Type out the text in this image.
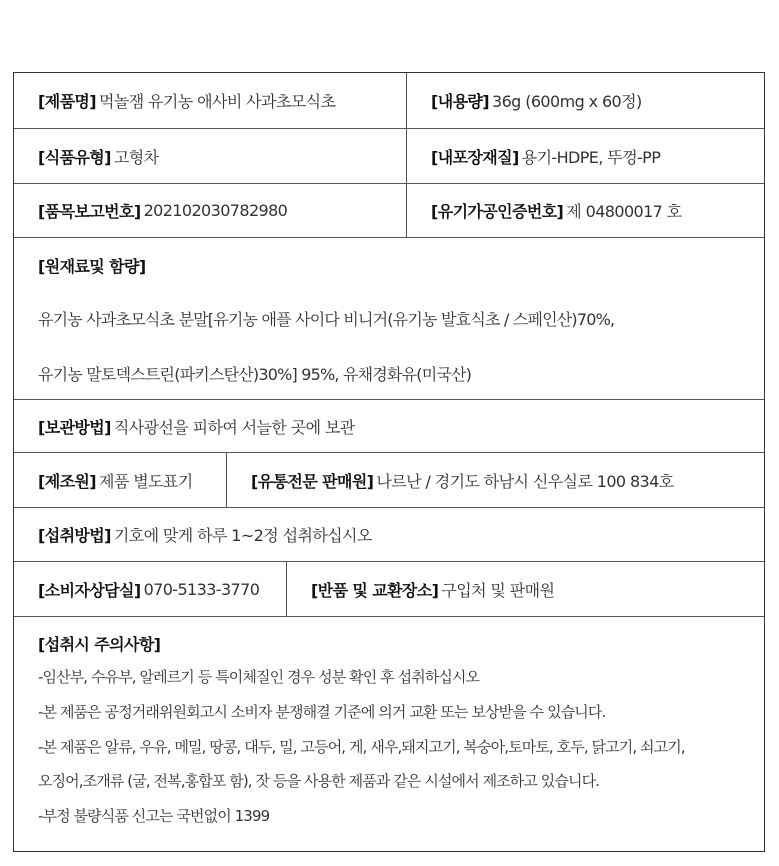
[제품명] 먹놀잼 유기농 애사비 사과초모식초	[내용량] 36g (600mg x 60정)
[식품유형] 고형차	[내포장재질] 용기-HDPE, 뚜껑-PP
[품목보고번호] 202102030782980	[유기가공인증번호] 제 04800017 호
[원재료및 함량]
유기농 사과초모식초 분말[유기농 애플 사이다 비니거(유기농 발효식초 / 스페인산)70%,
유기농 말토덱스트린(파키스탄산)30%] 95%, 유채경화유(미국산)
[보관방법] 직사광선을 피하여 서늘한 곳에 보관
[제조원] 제품 별도표기	[유통전문 판매원] 나르난 / 경기도 하남시 신우실로 100 834호
[섭취방법] 기호에 맞게 하루 1~2정 섭취하십시오
[소비자상담실] 070-5133-3770	[반품 및 교환장소] 구입처 및 판매원
[섭취시 주의사항]
-임산부, 수유부, 알레르기 등 특이체질인 경우 성분 확인 후 섭취하십시오
-본 제품은 공정거래위원회고시 소비자 분쟁해결 기준에 의거 교환 또는 보상받을 수 있습니다.
-본 제품은 알류, 우유, 메밀, 땅콩, 대두, 밀, 고등어, 게, 새우,돼지고기, 복숭아,토마토, 호두, 닭고기, 쇠고기,
오징어,조개류 (굴, 전복,홍합포 함), 잣 등을 사용한 제품과 같은 시설에서 제조하고 있습니다.
-부정 불량식품 신고는 국번없이 1399
